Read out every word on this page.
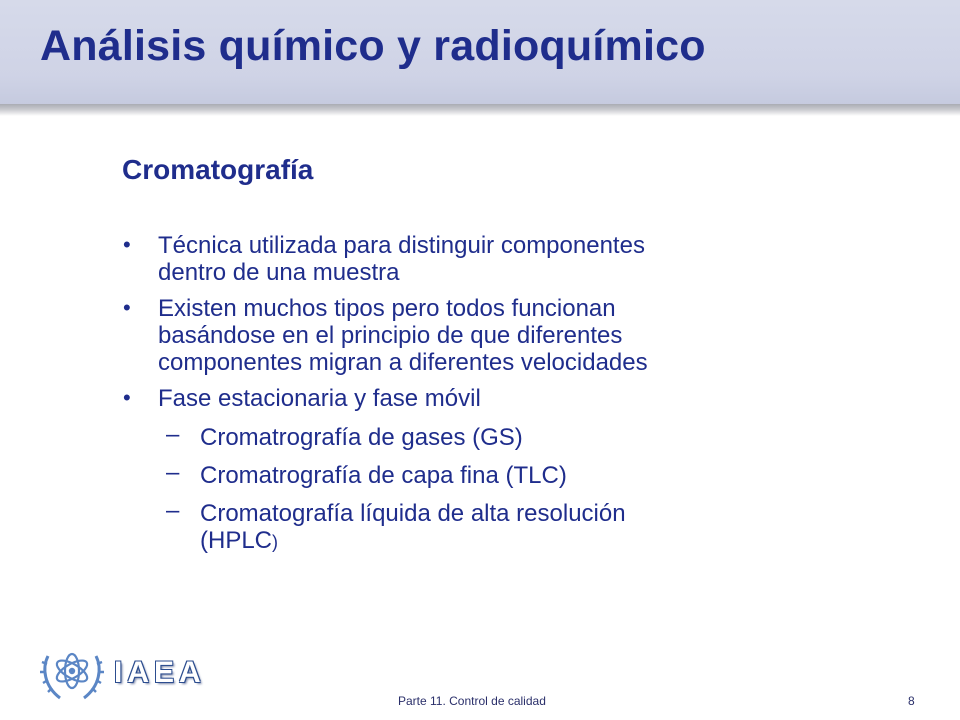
Análisis químico y radioquímico
Cromatografía
• Técnica utilizada para distinguir componentes
dentro de una muestra
• Existen muchos tipos pero todos funcionan
basándose en el principio de que diferentes
componentes migran a diferentes velocidades
• Fase estacionaria y fase móvil
– Cromatrografía de gases (GS)
– Cromatrografía de capa fina (TLC)
– Cromatografía líquida de alta resolución
(HPLC)
IAEA
Parte 11. Control de calidad	8
